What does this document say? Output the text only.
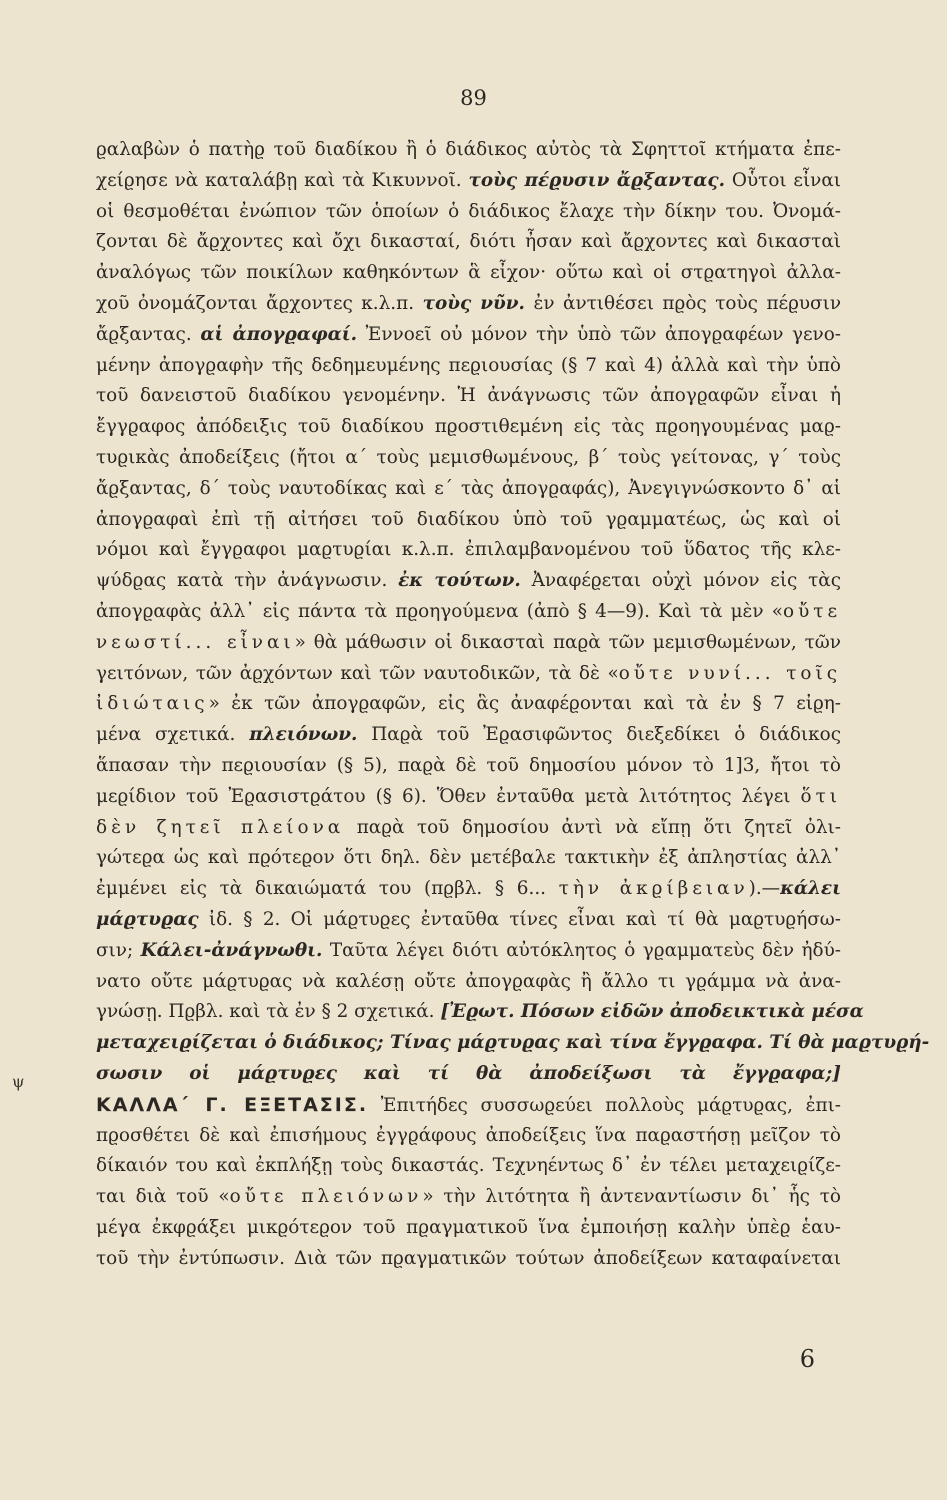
89
ψ
ϱαλαβὼν ὁ πατὴϱ τοῦ διαδίκου ἢ ὁ διάδικος αὐτὸς τὰ Σφηττοῖ κτήματα ἐπε-
χείϱησε νὰ καταλάβῃ καὶ τὰ Κικυννοῖ. τοὺς πέϱυσιν ἄϱξαντας. Οὗτοι εἶναι
οἱ θεσμοθέται ἐνώπιον τῶν ὁποίων ὁ διάδικος ἔλαχε τὴν δίκην του. Ὀνομά-
ζονται δὲ ἄϱχοντες καὶ ὄχι δικασταί, διότι ἦσαν καὶ ἄϱχοντες καὶ δικασταὶ
ἀναλόγως τῶν ποικίλων καθηκόντων ἃ εἶχον· οὕτω καὶ οἱ στϱατηγοὶ ἀλλα-
χοῦ ὀνομάζονται ἄϱχοντες κ.λ.π. τοὺς νῦν. ἐν ἀντιθέσει πϱὸς τοὺς πέϱυσιν
ἄϱξαντας. αἱ ἀπογϱαφαί. Ἐννοεῖ οὐ μόνον τὴν ὑπὸ τῶν ἀπογϱαφέων γενο-
μένην ἀπογϱαφὴν τῆς δεδημευμένης πεϱιουσίας (§ 7 καὶ 4) ἀλλὰ καὶ τὴν ὑπὸ
τοῦ δανειστοῦ διαδίκου γενομένην. Ἡ ἀνάγνωσις τῶν ἀπογϱαφῶν εἶναι ἡ
ἔγγϱαφος ἀπόδειξις τοῦ διαδίκου πϱοστιθεμένη εἰς τὰς πϱοηγουμένας μαϱ-
τυϱικὰς ἀποδείξεις (ἤτοι α΄ τοὺς μεμισθωμένους, β΄ τοὺς γείτονας, γ΄ τοὺς
ἄϱξαντας, δ΄ τοὺς ναυτοδίκας καὶ ε΄ τὰς ἀπογϱαφάς), Ἀνεγιγνώσκοντο δ᾽ αἱ
ἀπογϱαφαὶ ἐπὶ τῇ αἰτήσει τοῦ διαδίκου ὑπὸ τοῦ γϱαμματέως, ὡς καὶ οἱ
νόμοι καὶ ἔγγϱαφοι μαϱτυϱίαι κ.λ.π. ἐπιλαμβανομένου τοῦ ὕδατος τῆς κλε-
ψύδϱας κατὰ τὴν ἀνάγνωσιν. ἐκ τούτων. Ἀναφέϱεται οὐχὶ μόνον εἰς τὰς
ἀπογϱαφὰς ἀλλ᾽ εἰς πάντα τὰ πϱοηγούμενα (ἀπὸ § 4—9). Καὶ τὰ μὲν «οὔτε
νεωστί... εἶναι» θὰ μάθωσιν οἱ δικασταὶ παϱὰ τῶν μεμισθωμένων, τῶν
γειτόνων, τῶν ἀϱχόντων καὶ τῶν ναυτοδικῶν, τὰ δὲ «οὔτε νυνί... τοῖς
ἰδιώταις» ἐκ τῶν ἀπογϱαφῶν, εἰς ἃς ἀναφέϱονται καὶ τὰ ἐν § 7 εἰϱη-
μένα σχετικά. πλειόνων. Παϱὰ τοῦ Ἐϱασιφῶντος διεξεδίκει ὁ διάδικος
ἅπασαν τὴν πεϱιουσίαν (§ 5), παϱὰ δὲ τοῦ δημοσίου μόνον τὸ 1]3, ἤτοι τὸ
μεϱίδιον τοῦ Ἐϱασιστϱάτου (§ 6). Ὅθεν ἐνταῦθα μετὰ λιτότητος λέγει ὅτι
δὲν ζητεῖ πλείονα παϱὰ τοῦ δημοσίου ἀντὶ νὰ εἴπῃ ὅτι ζητεῖ ὀλι-
γώτεϱα ὡς καὶ πϱότεϱον ὅτι δηλ. δὲν μετέβαλε τακτικὴν ἐξ ἀπληστίας ἀλλ᾽
ἐμμένει εἰς τὰ δικαιώματά του (πϱβλ. § 6... τὴν ἀκϱίβειαν).—κάλει
μάϱτυϱας ἰδ. § 2. Οἱ μάϱτυϱες ἐνταῦθα τίνες εἶναι καὶ τί θὰ μαϱτυϱήσω-
σιν; Κάλει-ἀνάγνωθι. Ταῦτα λέγει διότι αὐτόκλητος ὁ γϱαμματεὺς δὲν ἠδύ-
νατο οὔτε μάϱτυϱας νὰ καλέσῃ οὔτε ἀπογϱαφὰς ἢ ἄλλο τι γϱάμμα νὰ ἀνα-
γνώσῃ. Πϱβλ. καὶ τὰ ἐν § 2 σχετικά. [Ἐϱωτ. Πόσων εἰδῶν ἀποδεικτικὰ μέσα
μεταχειϱίζεται ὁ διάδικος; Τίνας μάϱτυϱας καὶ τίνα ἔγγϱαφα. Τί θὰ μαϱτυϱή-
σωσιν οἱ μάϱτυϱες καὶ τί θὰ ἀποδείξωσι τὰ ἔγγϱαφα;]
ΚΑΛΛΑ΄ Γ. ΕΞΕΤΑΣΙΣ. Ἐπιτήδες συσσωϱεύει πολλοὺς μάϱτυϱας, ἐπι-
πϱοσθέτει δὲ καὶ ἐπισήμους ἐγγϱάφους ἀποδείξεις ἵνα παϱαστήσῃ μεῖζον τὸ
δίκαιόν του καὶ ἐκπλήξῃ τοὺς δικαστάς. Τεχνηέντως δ᾽ ἐν τέλει μεταχειϱίζε-
ται διὰ τοῦ «οὔτε πλειόνων» τὴν λιτότητα ἢ ἀντεναντίωσιν δι᾽ ἧς τὸ
μέγα ἐκφϱάξει μικϱότεϱον τοῦ πϱαγματικοῦ ἵνα ἐμποιήσῃ καλὴν ὑπὲϱ ἑαυ-
τοῦ τὴν ἐντύπωσιν. Διὰ τῶν πϱαγματικῶν τούτων ἀποδείξεων καταφαίνεται
6
